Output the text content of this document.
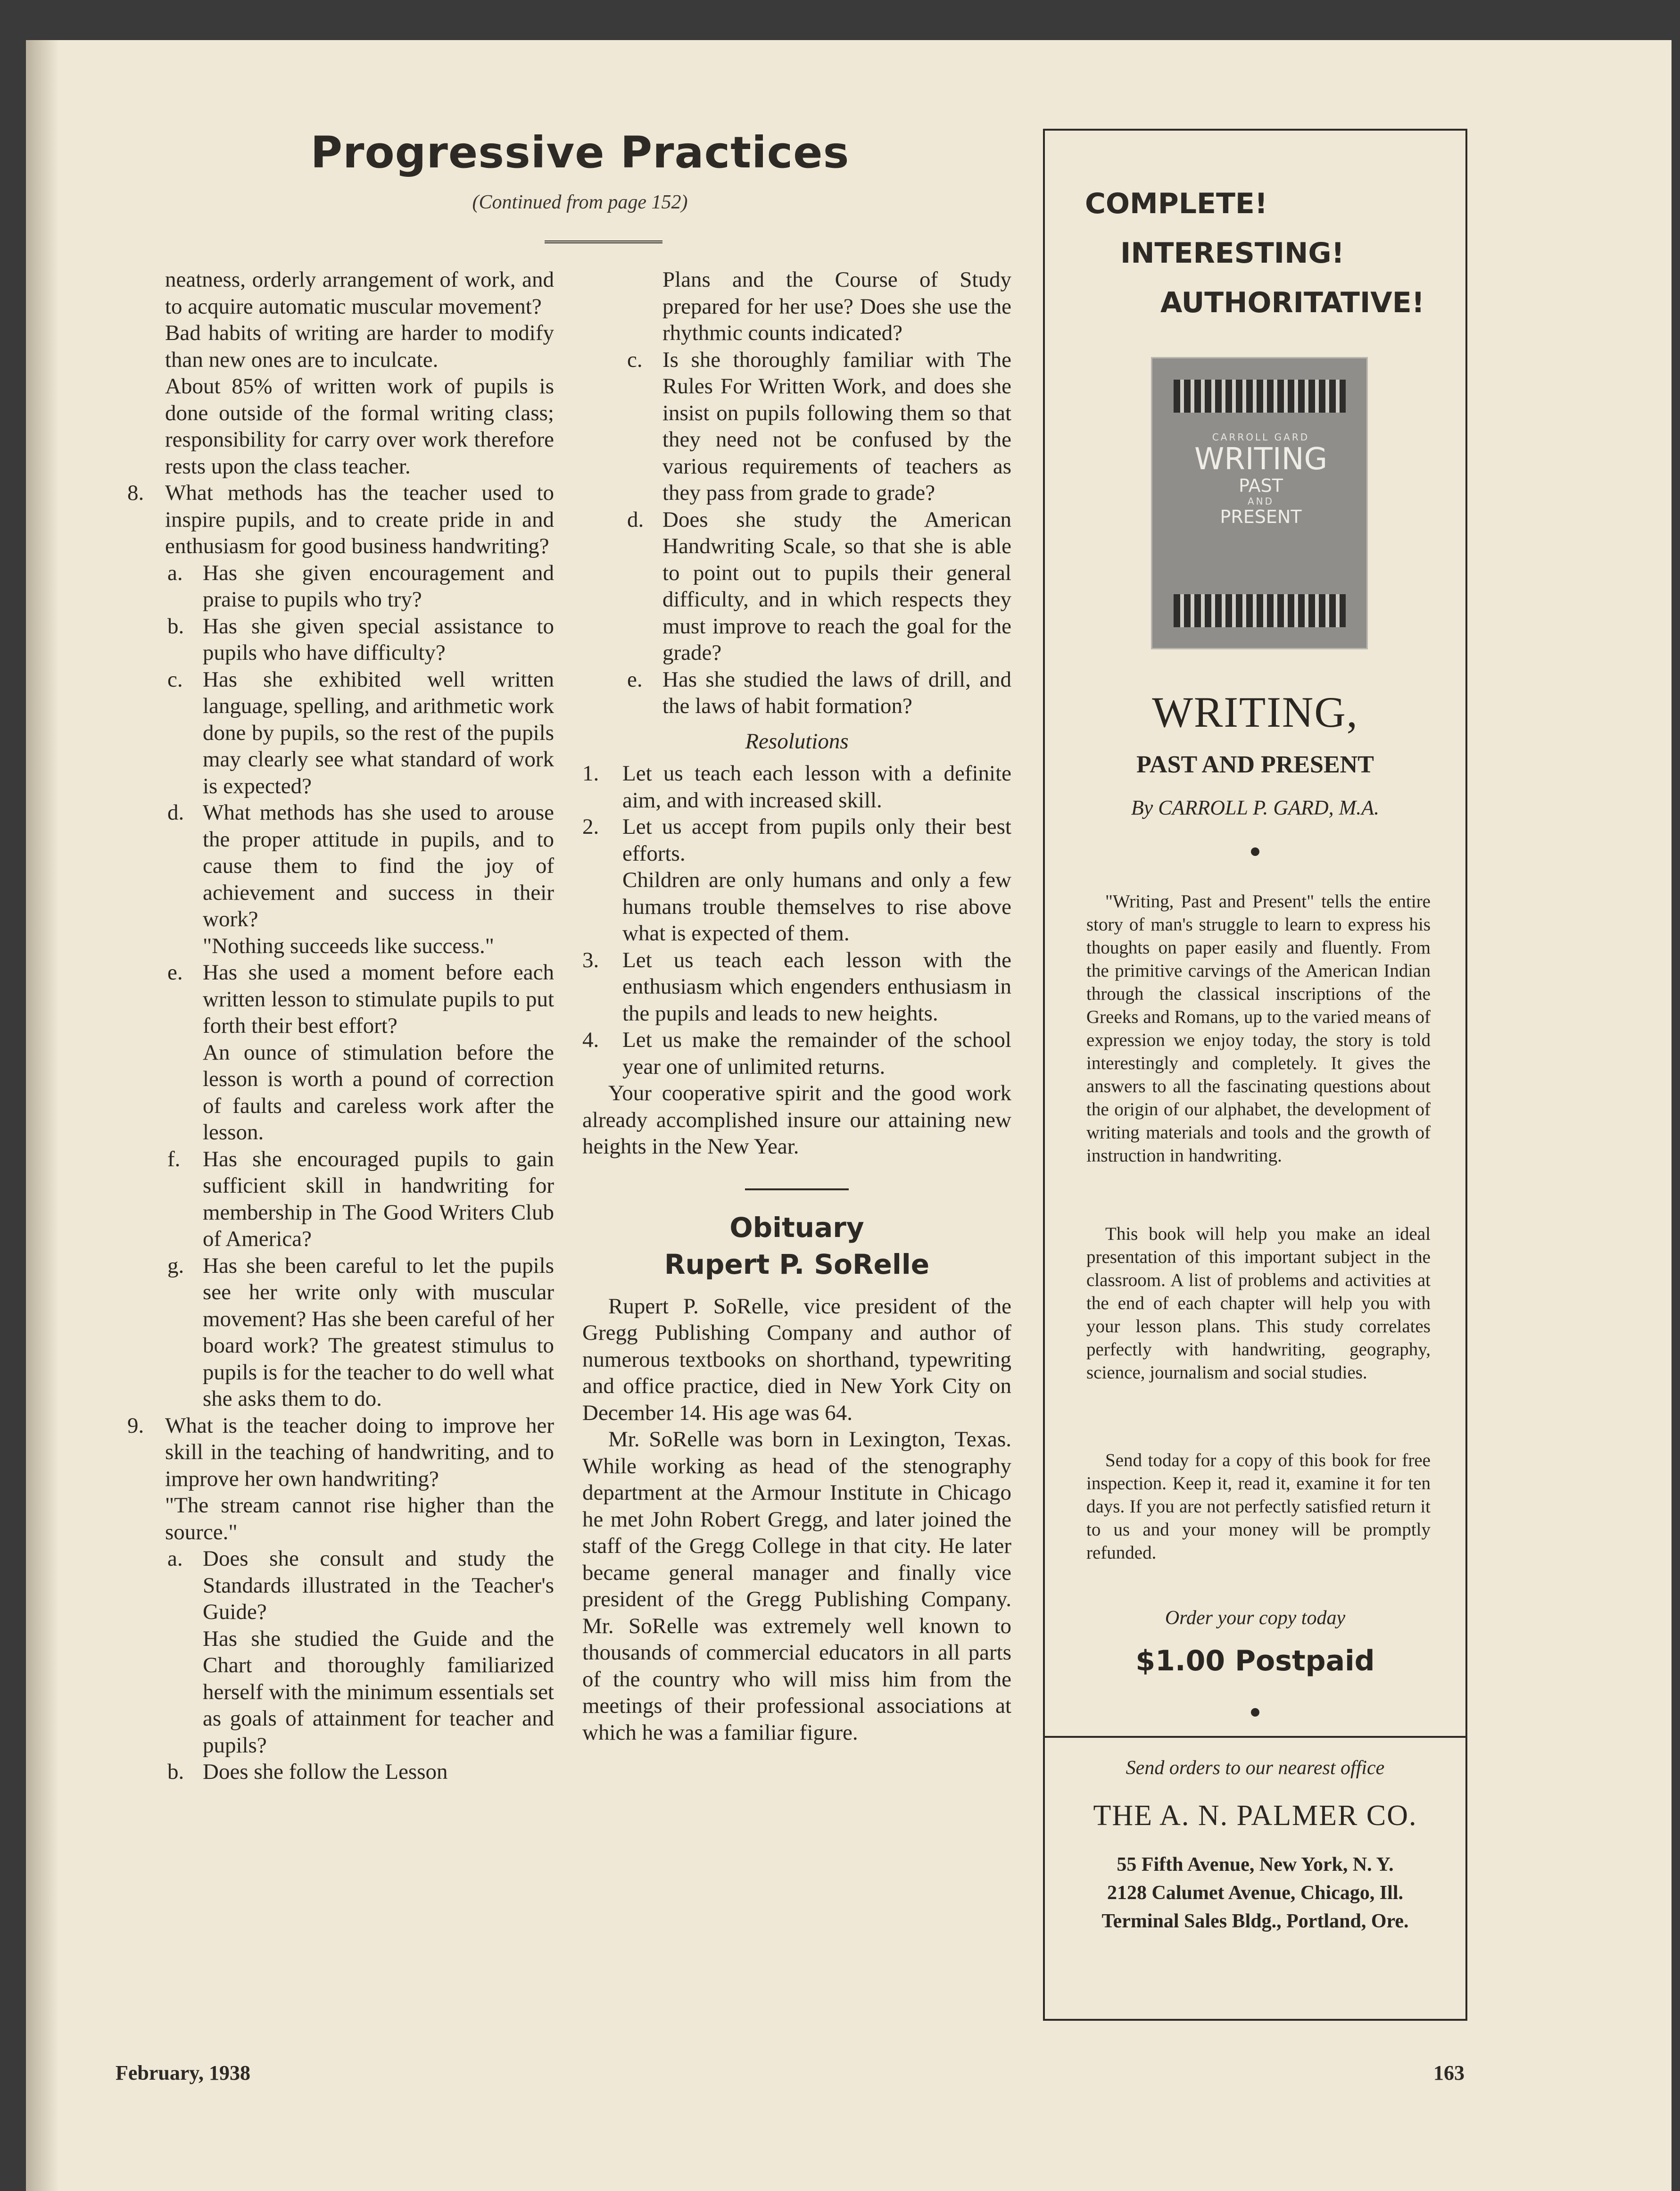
Progressive Practices
(Continued from page 152)

neatness, orderly arrangement of work, and to acquire automatic muscular movement?

Bad habits of writing are harder to modify than new ones are to inculcate.

About 85% of written work of pupils is done outside of the formal writing class; responsibility for carry over work therefore rests upon the class teacher.

8. What methods has the teacher used to inspire pupils, and to create pride in and enthusiasm for good business handwriting?
a. Has she given encouragement and praise to pupils who try?
b. Has she given special assistance to pupils who have difficulty?
c. Has she exhibited well written language, spelling, and arithmetic work done by pupils, so the rest of the pupils may clearly see what standard of work is expected?
d. What methods has she used to arouse the proper attitude in pupils, and to cause them to find the joy of achievement and success in their work?

"Nothing succeeds like success."

e. Has she used a moment before each written lesson to stimulate pupils to put forth their best effort?

An ounce of stimulation before the lesson is worth a pound of correction of faults and careless work after the lesson.

f.	Has she encouraged pupils to gain sufficient skill in handwriting for membership in The Good Writers Club of America?
g. Has she been careful to let the pupils see her write only with muscular movement? Has she been careful of her board work? The greatest stimulus to pupils is for the teacher to do well what she asks them to do.
9. What is the teacher doing to improve her skill in the teaching of handwriting, and to improve her own handwriting?

"The stream cannot rise higher than the source."

a. Does she consult and study the Standards illustrated in the Teacher's Guide?

Has she studied the Guide and the Chart and thoroughly familiarized herself with the minimum essentials set as goals of attainment for teacher and pupils?

b. Does she follow the Lesson

Plans and the Course of Study prepared for her use? Does she use the rhythmic counts indicated?

c. Is she thoroughly familiar with The Rules For Written Work, and does she insist on pupils following them so that they need not be confused by the various requirements of teachers as they pass from grade to grade?
d. Does she study the American Handwriting Scale, so that she is able to point out to pupils their general difficulty, and in which respects they must improve to reach the goal for the grade?
e. Has she studied the laws of drill, and the laws of habit formation?
Resolutions
1.	Let us teach each lesson with a definite aim, and with increased skill.
2.	Let us accept from pupils only their best efforts.

Children are only humans and only a few humans trouble themselves to rise above what is expected of them.

3.	Let us teach each lesson with the enthusiasm which engenders enthusiasm in the pupils and leads to new heights.
4.	Let us make the remainder of the school year one of unlimited returns.

Your cooperative spirit and the good work already accomplished insure our attaining new heights in the New Year.

Obituary
Rupert P. SoRelle

Rupert P. SoRelle, vice president of the Gregg Publishing Company and author of numerous textbooks on shorthand, typewriting and office practice, died in New York City on December 14. His age was 64.

Mr. SoRelle was born in Lexington, Texas. While working as head of the stenography department at the Armour Institute in Chicago he met John Robert Gregg, and later joined the staff of the Gregg College in that city. He later became general manager and finally vice president of the Gregg Publishing Company. Mr. SoRelle was extremely well known to thousands of commercial educators in all parts of the country who will miss him from the meetings of their professional associations at which he was a familiar figure.

COMPLETE!
INTERESTING!
AUTHORITATIVE!
CARROLL GARD
WRITING
PAST
AND
PRESENT
WRITING,
PAST AND PRESENT
By CARROLL P. GARD, M.A.
"Writing, Past and Present" tells the entire story of man's struggle to learn to express his thoughts on paper easily and fluently. From the primitive carvings of the American Indian through the classical inscriptions of the Greeks and Romans, up to the varied means of expression we enjoy today, the story is told interestingly and completely. It gives the answers to all the fascinating questions about the origin of our alphabet, the development of writing materials and tools and the growth of instruction in handwriting.
This book will help you make an ideal presentation of this important subject in the classroom. A list of problems and activities at the end of each chapter will help you with your lesson plans. This study correlates perfectly with handwriting, geography, science, journalism and social studies.
Send today for a copy of this book for free inspection. Keep it, read it, examine it for ten days. If you are not perfectly satisfied return it to us and your money will be promptly refunded.
Order your copy today
$1.00 Postpaid
Send orders to our nearest office
THE A. N. PALMER CO.
55 Fifth Avenue, New York, N. Y.
2128 Calumet Avenue, Chicago, Ill.
Terminal Sales Bldg., Portland, Ore.
February, 1938	163
